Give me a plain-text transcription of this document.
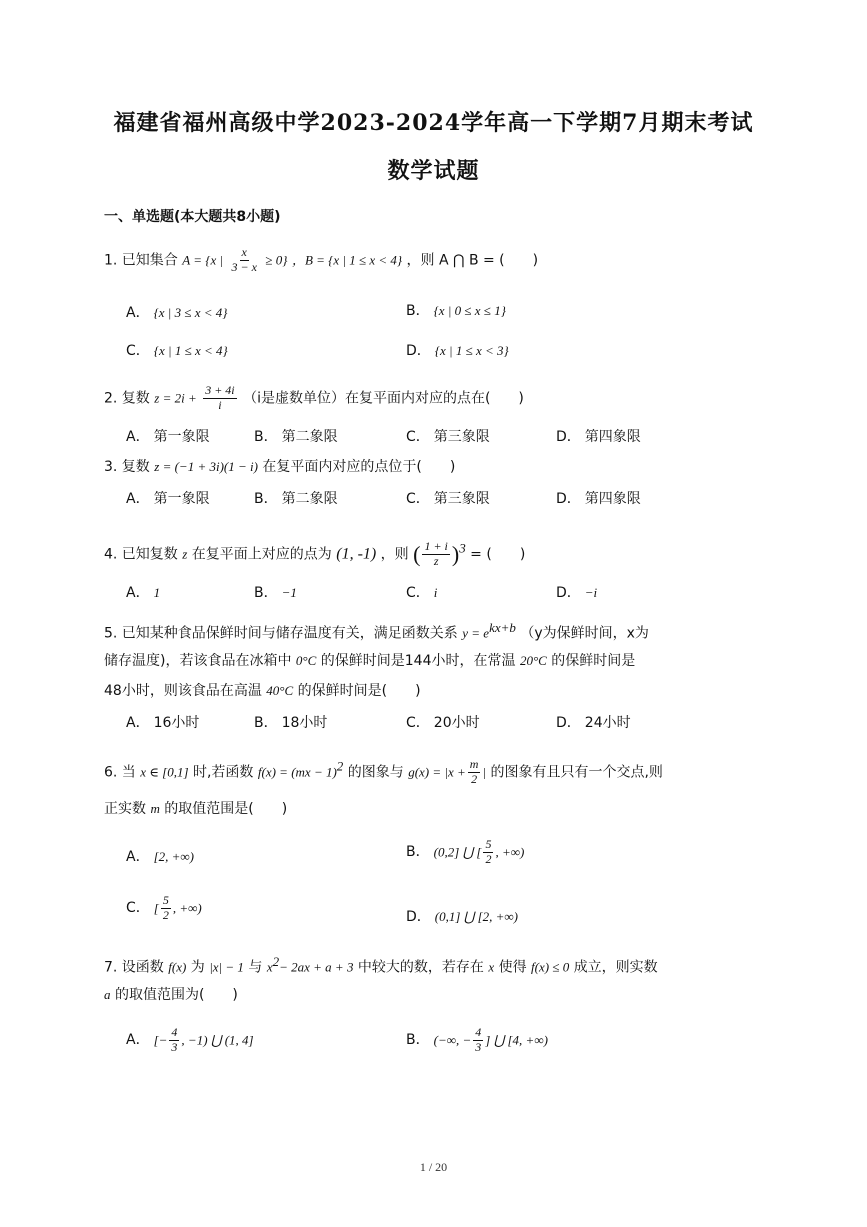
福建省福州高级中学2023-2024学年高一下学期7月期末考试
数学试题
一、单选题(本大题共8小题)
1. 已知集合 A = {x | $\frac{x}{3 - x} \ge 0$} ，B = {x | 1 ≤ x < 4} ，则 A ⋂ B = (　　)
A． {x | 3 ≤ x < 4}	B． {x | 0 ≤ x ≤ 1}
C． {x | 1 ≤ x < 4}	D． {x | 1 ≤ x < 3}
2. 复数 $z = 2i + \frac{3 + 4i}{i} (i$是虚数单位）在复平面内对应的点在(　　)
A． 第一象限	B． 第二象限	C． 第三象限	D． 第四象限
3. 复数 z = (−1 + 3i)(1 − i) 在复平面内对应的点位于(　　)
A． 第一象限	B． 第二象限	C． 第三象限	D． 第四象限
4. 已知复数 z 在复平面上对应的点为 (1, -1) ，则 ( $\frac{1 + i}{z} )^3$ = (　　)
A． 1	B． −1	C． i	D． −i
5. 已知某种食品保鲜时间与储存温度有关，满足函数关系 $y = e^{kx+b}$ （y为保鲜时间，x为
储存温度)，若该食品在冰箱中 0°C 的保鲜时间是144小时，在常温 20°C 的保鲜时间是
48小时，则该食品在高温 40°C 的保鲜时间是(　　)
A． 16小时	B． 18小时	C． 20小时	D． 24小时
6. 当 x ∈ [0,1] 时,若函数 f(x) = (mx − 1)$^2$ 的图象与 $g(x) = |x + \frac{m}{2}$ | 的图象有且只有一个交点,则
正实数 m 的取值范围是(　　)
A． [2, +∞)	B． (0,2] ⋃ [ $\frac{5}{2}$ , +∞)
C． [ $\frac{5}{2}$ , +∞)
D． (0,1] ⋃ [2, +∞)
7. 设函数 f(x) 为 |x| − 1 与 $x^2- 2ax + a + 3$ 中较大的数，若存在 x 使得 f(x) ≤ 0 成立，则实数
a 的取值范围为(　　)
A． [− $\frac{4}{3}$ , −1) ⋃ (1, 4]	B． (−∞, − $\frac{4}{3}$ ] ⋃ [4, +∞)
1 / 20
